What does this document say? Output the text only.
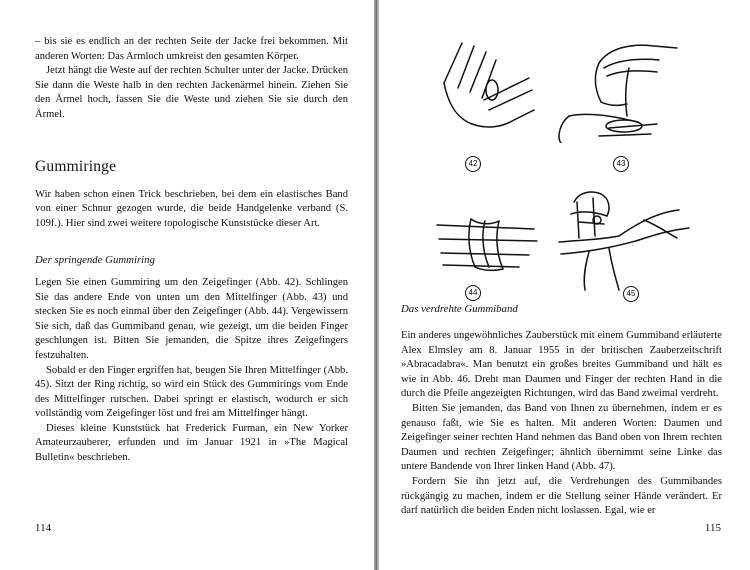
– bis sie es endlich an der rechten Seite der Jacke frei bekommen. Mit anderen Worten: Das Armloch umkreist den gesamten Körper.

Jetzt hängt die Weste auf der rechten Schulter unter der Jacke. Drücken Sie dann die Weste halb in den rechten Jackenärmel hinein. Ziehen Sie den Ärmel hoch, fassen Sie die Weste und ziehen Sie sie durch den Ärmel.

Gummiringe

Wir haben schon einen Trick beschrieben, bei dem ein elastisches Band von einer Schnur gezogen wurde, die beide Handgelenke verband (S. 109f.). Hier sind zwei weitere topologische Kunststücke dieser Art.

Der springende Gummiring

Legen Sie einen Gummiring um den Zeigefinger (Abb. 42). Schlingen Sie das andere Ende von unten um den Mittelfinger (Abb. 43) und stecken Sie es noch einmal über den Zeigefinger (Abb. 44). Vergewissern Sie sich, daß das Gummiband genau, wie gezeigt, um die beiden Finger geschlungen ist. Bitten Sie jemanden, die Spitze ihres Zeigefingers festzuhalten.

Sobald er den Finger ergriffen hat, beugen Sie Ihren Mittelfinger (Abb. 45). Sitzt der Ring richtig, so wird ein Stück des Gummirings vom Ende des Mittelfinger rutschen. Dabei springt er elastisch, wodurch er sich vollständig vom Zeigefinger löst und frei am Mittelfinger hängt.

Dieses kleine Kunststück hat Frederick Furman, ein New Yorker Amateurzauberer, erfunden und im Januar 1921 in »The Magical Bulletin« beschrieben.

114
42	43
44	45
Das verdrehte Gummiband

Ein anderes ungewöhnliches Zauberstück mit einem Gummiband erläuterte Alex Elmsley am 8. Januar 1955 in der britischen Zauberzeitschrift »Abracadabra«. Man benutzt ein großes breites Gummiband und hält es wie in Abb. 46. Dreht man Daumen und Finger der rechten Hand in die durch die Pfeile angezeigten Richtungen, wird das Band zweimal verdreht.

Bitten Sie jemanden, das Band von Ihnen zu übernehmen, indem er es genauso faßt, wie Sie es halten. Mit anderen Worten: Daumen und Zeigefinger seiner rechten Hand nehmen das Band oben von Ihrem rechten Daumen und rechten Zeigefinger; ähnlich übernimmt seine Linke das untere Bandende von Ihrer linken Hand (Abb. 47).

Fordern Sie ihn jetzt auf, die Verdrehungen des Gummibandes rückgängig zu machen, indem er die Stellung seiner Hände verändert. Er darf natürlich die beiden Enden nicht loslassen. Egal, wie er

115
